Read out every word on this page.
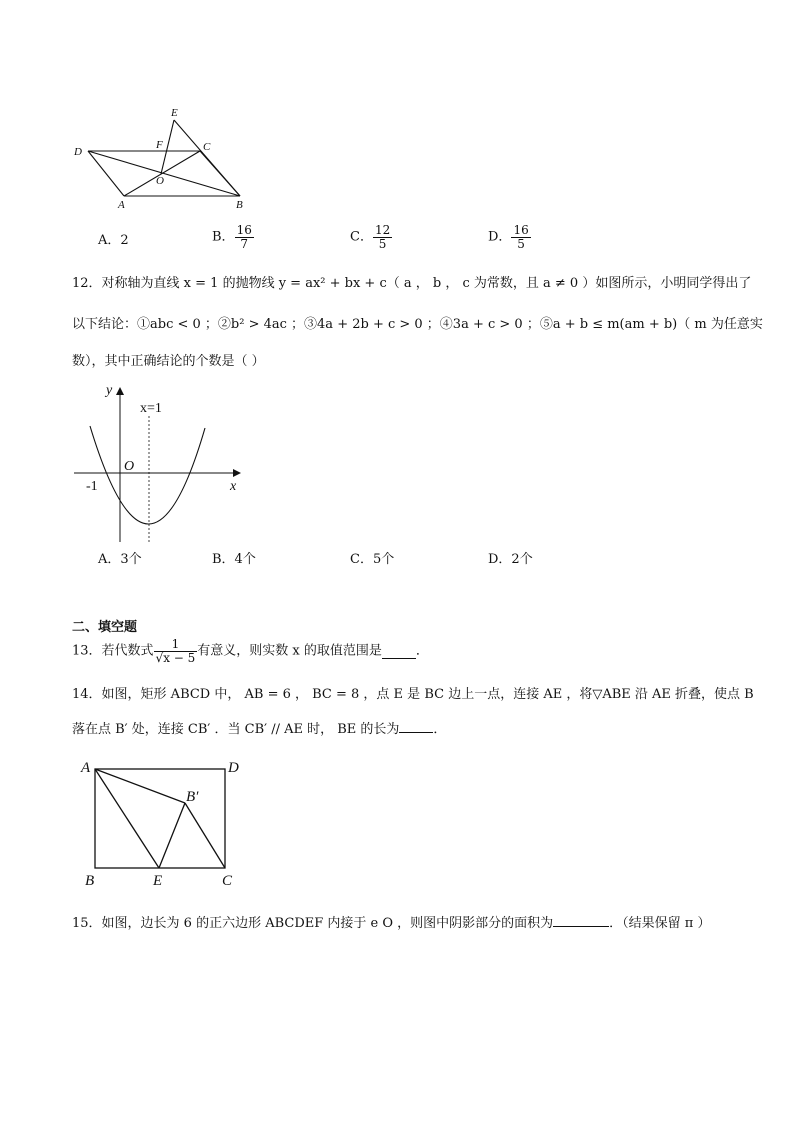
E
D
F	C
O
A	B
A．2	B． $\frac{16}{7}$	C． $\frac{12}{5}$	D． $\frac{16}{5}$
12．对称轴为直线 x = 1 的抛物线 y = ax² + bx + c（ a ， b ， c 为常数，且 a ≠ 0 ）如图所示，小明同学得出了
以下结论：①abc < 0 ；②b² > 4ac ；③4a + 2b + c > 0 ；④3a + c > 0 ；⑤a + b ≤ m(am + b)（ m 为任意实
数），其中正确结论的个数是（ ）
y
x=1
O
-1	x
A．3个	B．4个	C．5个	D．2个
二、填空题
13．若代数式 $\frac{1}{√x - 5}$ 有意义，则实数 x 的取值范围是	．
14．如图，矩形 ABCD 中， AB = 6 ， BC = 8 ，点 E 是 BC 边上一点，连接 AE ，将▽ABE 沿 AE 折叠，使点 B
落在点 B′ 处，连接 CB′ ．当 CB′ // AE 时， BE 的长为	．
A	D
B′
B	E	C
15．如图，边长为 6 的正六边形 ABCDEF 内接于 e O ，则图中阴影部分的面积为	．（结果保留 π ）
